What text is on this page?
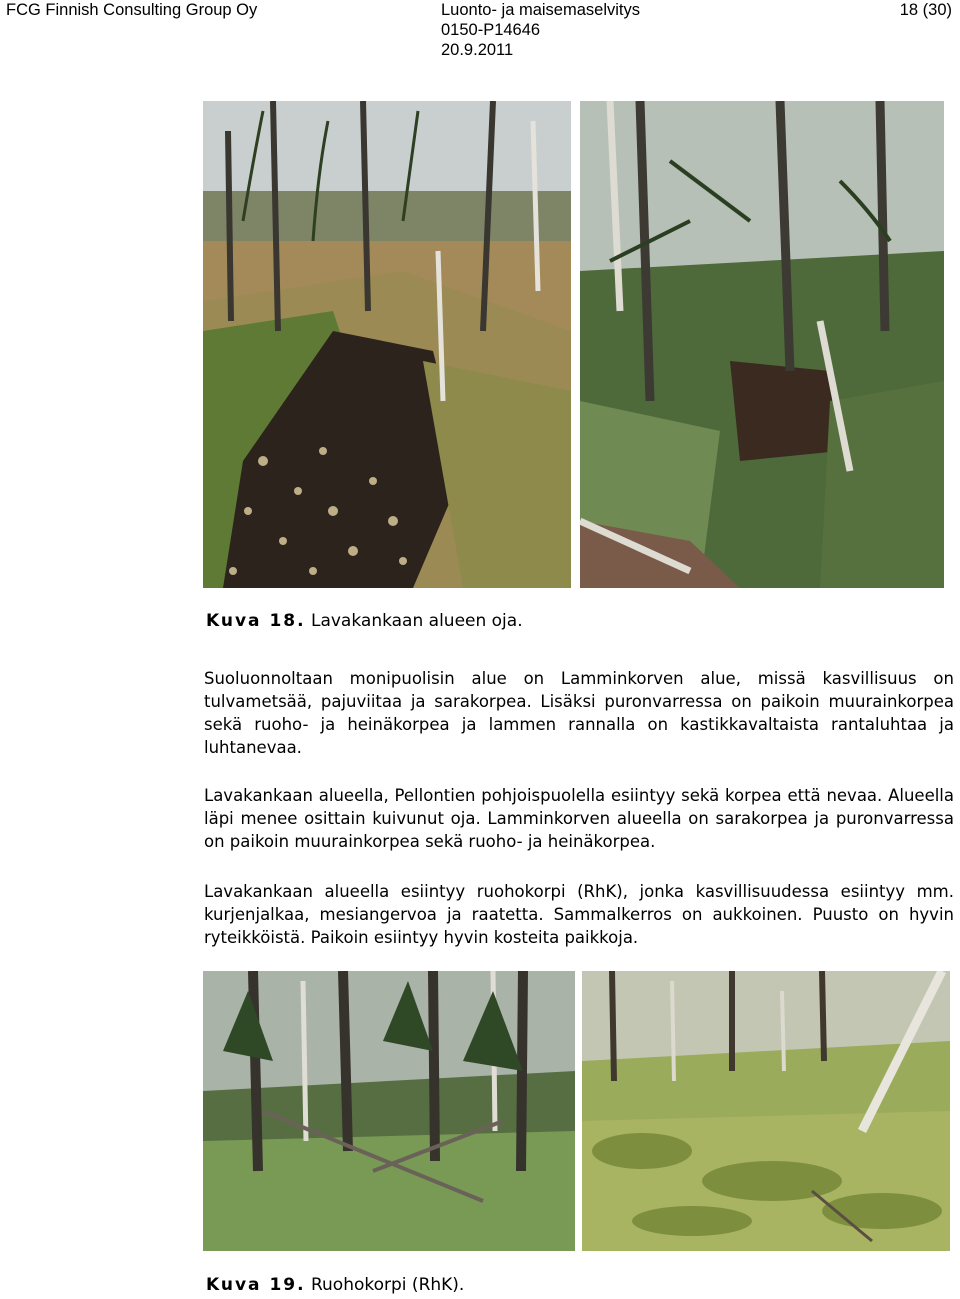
FCG Finnish Consulting Group Oy	Luonto- ja maisemaselvitys
0150-P14646
20.9.2011
18 (30)
Kuva 18. Lavakankaan alueen oja.

Suoluonnoltaan monipuolisin alue on Lamminkorven alue, missä kasvillisuus on tulvametsää, pajuviitaa ja sarakorpea. Lisäksi puronvarressa on paikoin muurainkorpea sekä ruoho- ja heinäkorpea ja lammen rannalla on kastikkavaltaista rantaluhtaa ja luhtanevaa.

Lavakankaan alueella, Pellontien pohjoispuolella esiintyy sekä korpea että nevaa. Alueella läpi menee osittain kuivunut oja. Lamminkorven alueella on sarakorpea ja puronvarressa on paikoin muurainkorpea sekä ruoho- ja heinäkorpea.

Lavakankaan alueella esiintyy ruohokorpi (RhK), jonka kasvillisuudessa esiintyy mm. kurjenjalkaa, mesiangervoa ja raatetta. Sammalkerros on aukkoinen. Puusto on hyvin ryteikköistä. Paikoin esiintyy hyvin kosteita paikkoja.

Kuva 19. Ruohokorpi (RhK).
